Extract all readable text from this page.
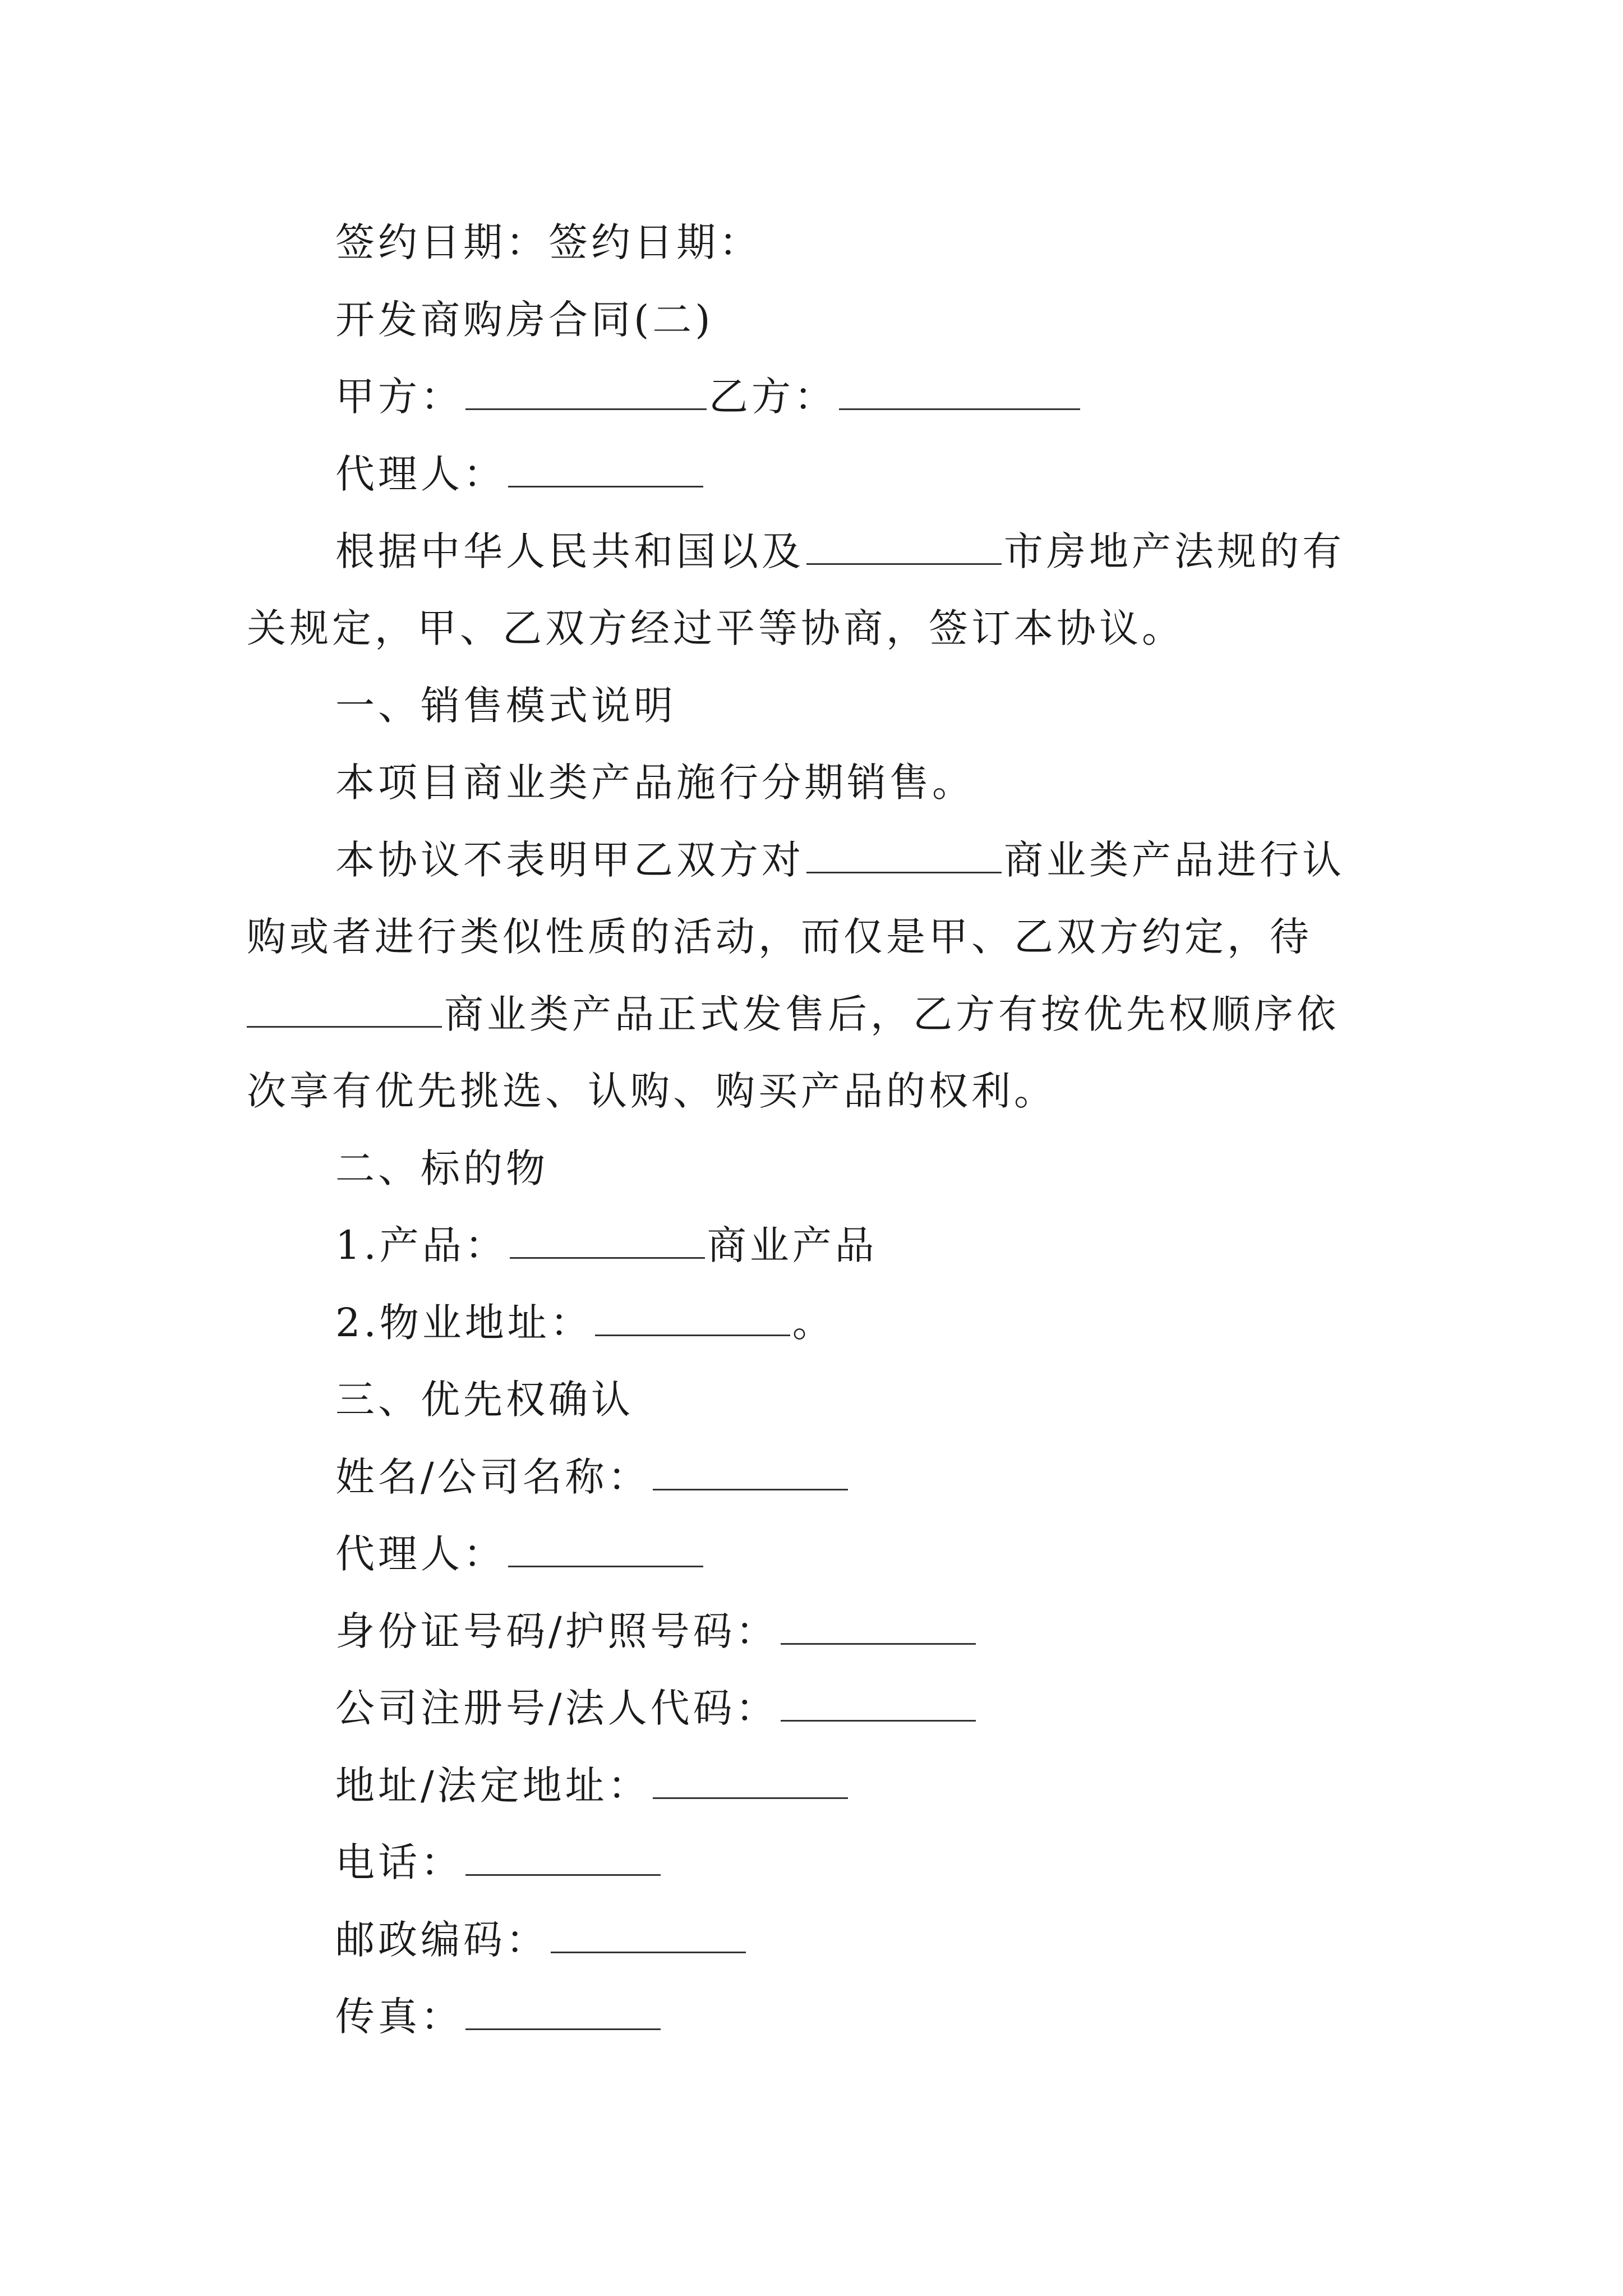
签约日期：签约日期：
开发商购房合同(二)
甲方：	乙方：
代理人：
根据中华人民共和国以及	市房地产法规的有
关规定，甲、乙双方经过平等协商，签订本协议。
一、销售模式说明
本项目商业类产品施行分期销售。
本协议不表明甲乙双方对	商业类产品进行认
购或者进行类似性质的活动，而仅是甲、乙双方约定，待
商业类产品正式发售后，乙方有按优先权顺序依
次享有优先挑选、认购、购买产品的权利。
二、标的物
1.产品：	商业产品
2.物业地址：	。
三、优先权确认
姓名/公司名称：
代理人：
身份证号码/护照号码：
公司注册号/法人代码：
地址/法定地址：
电话：
邮政编码：
传真：
